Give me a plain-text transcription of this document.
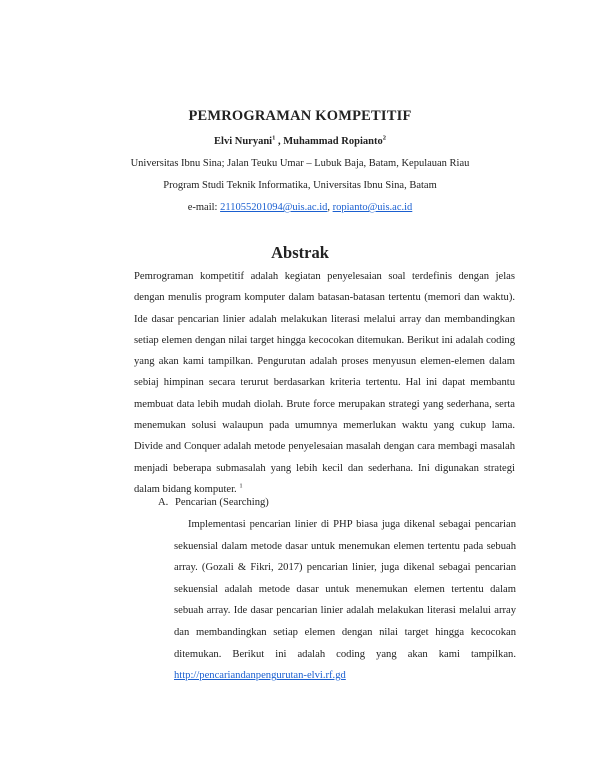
PEMROGRAMAN KOMPETITIF
Elvi Nuryani$^1$ , Muhammad Ropianto$^2$
Universitas Ibnu Sina; Jalan Teuku Umar – Lubuk Baja, Batam, Kepulauan Riau
Program Studi Teknik Informatika, Universitas Ibnu Sina, Batam
e-mail: 211055201094@uis.ac.id, ropianto@uis.ac.id
Abstrak
Pemrograman kompetitif adalah kegiatan penyelesaian soal terdefinis dengan jelas dengan menulis program komputer dalam batasan-batasan tertentu (memori dan waktu). Ide dasar pencarian linier adalah melakukan literasi melalui array dan membandingkan setiap elemen dengan nilai target hingga kecocokan ditemukan. Berikut ini adalah coding yang akan kami tampilkan. Pengurutan adalah proses menyusun elemen-elemen dalam sebiaj himpinan secara terurut berdasarkan kriteria tertentu. Hal ini dapat membantu membuat data lebih mudah diolah. Brute force merupakan strategi yang sederhana, serta menemukan solusi walaupun pada umumnya memerlukan waktu yang cukup lama. Divide and Conquer adalah metode penyelesaian masalah dengan cara membagi masalah menjadi beberapa submasalah yang lebih kecil dan sederhana. Ini digunakan strategi dalam bidang komputer. $^1$
A. Pencarian (Searching)
Implementasi pencarian linier di PHP biasa juga dikenal sebagai pencarian sekuensial dalam metode dasar untuk menemukan elemen tertentu pada sebuah array. (Gozali & Fikri, 2017) pencarian linier, juga dikenal sebagai pencarian sekuensial adalah metode dasar untuk menemukan elemen tertentu dalam sebuah array. Ide dasar pencarian linier adalah melakukan literasi melalui array dan membandingkan setiap elemen dengan nilai target hingga kecocokan ditemukan. Berikut ini adalah coding yang akan kami tampilkan. http://pencariandanpengurutan-elvi.rf.gd
